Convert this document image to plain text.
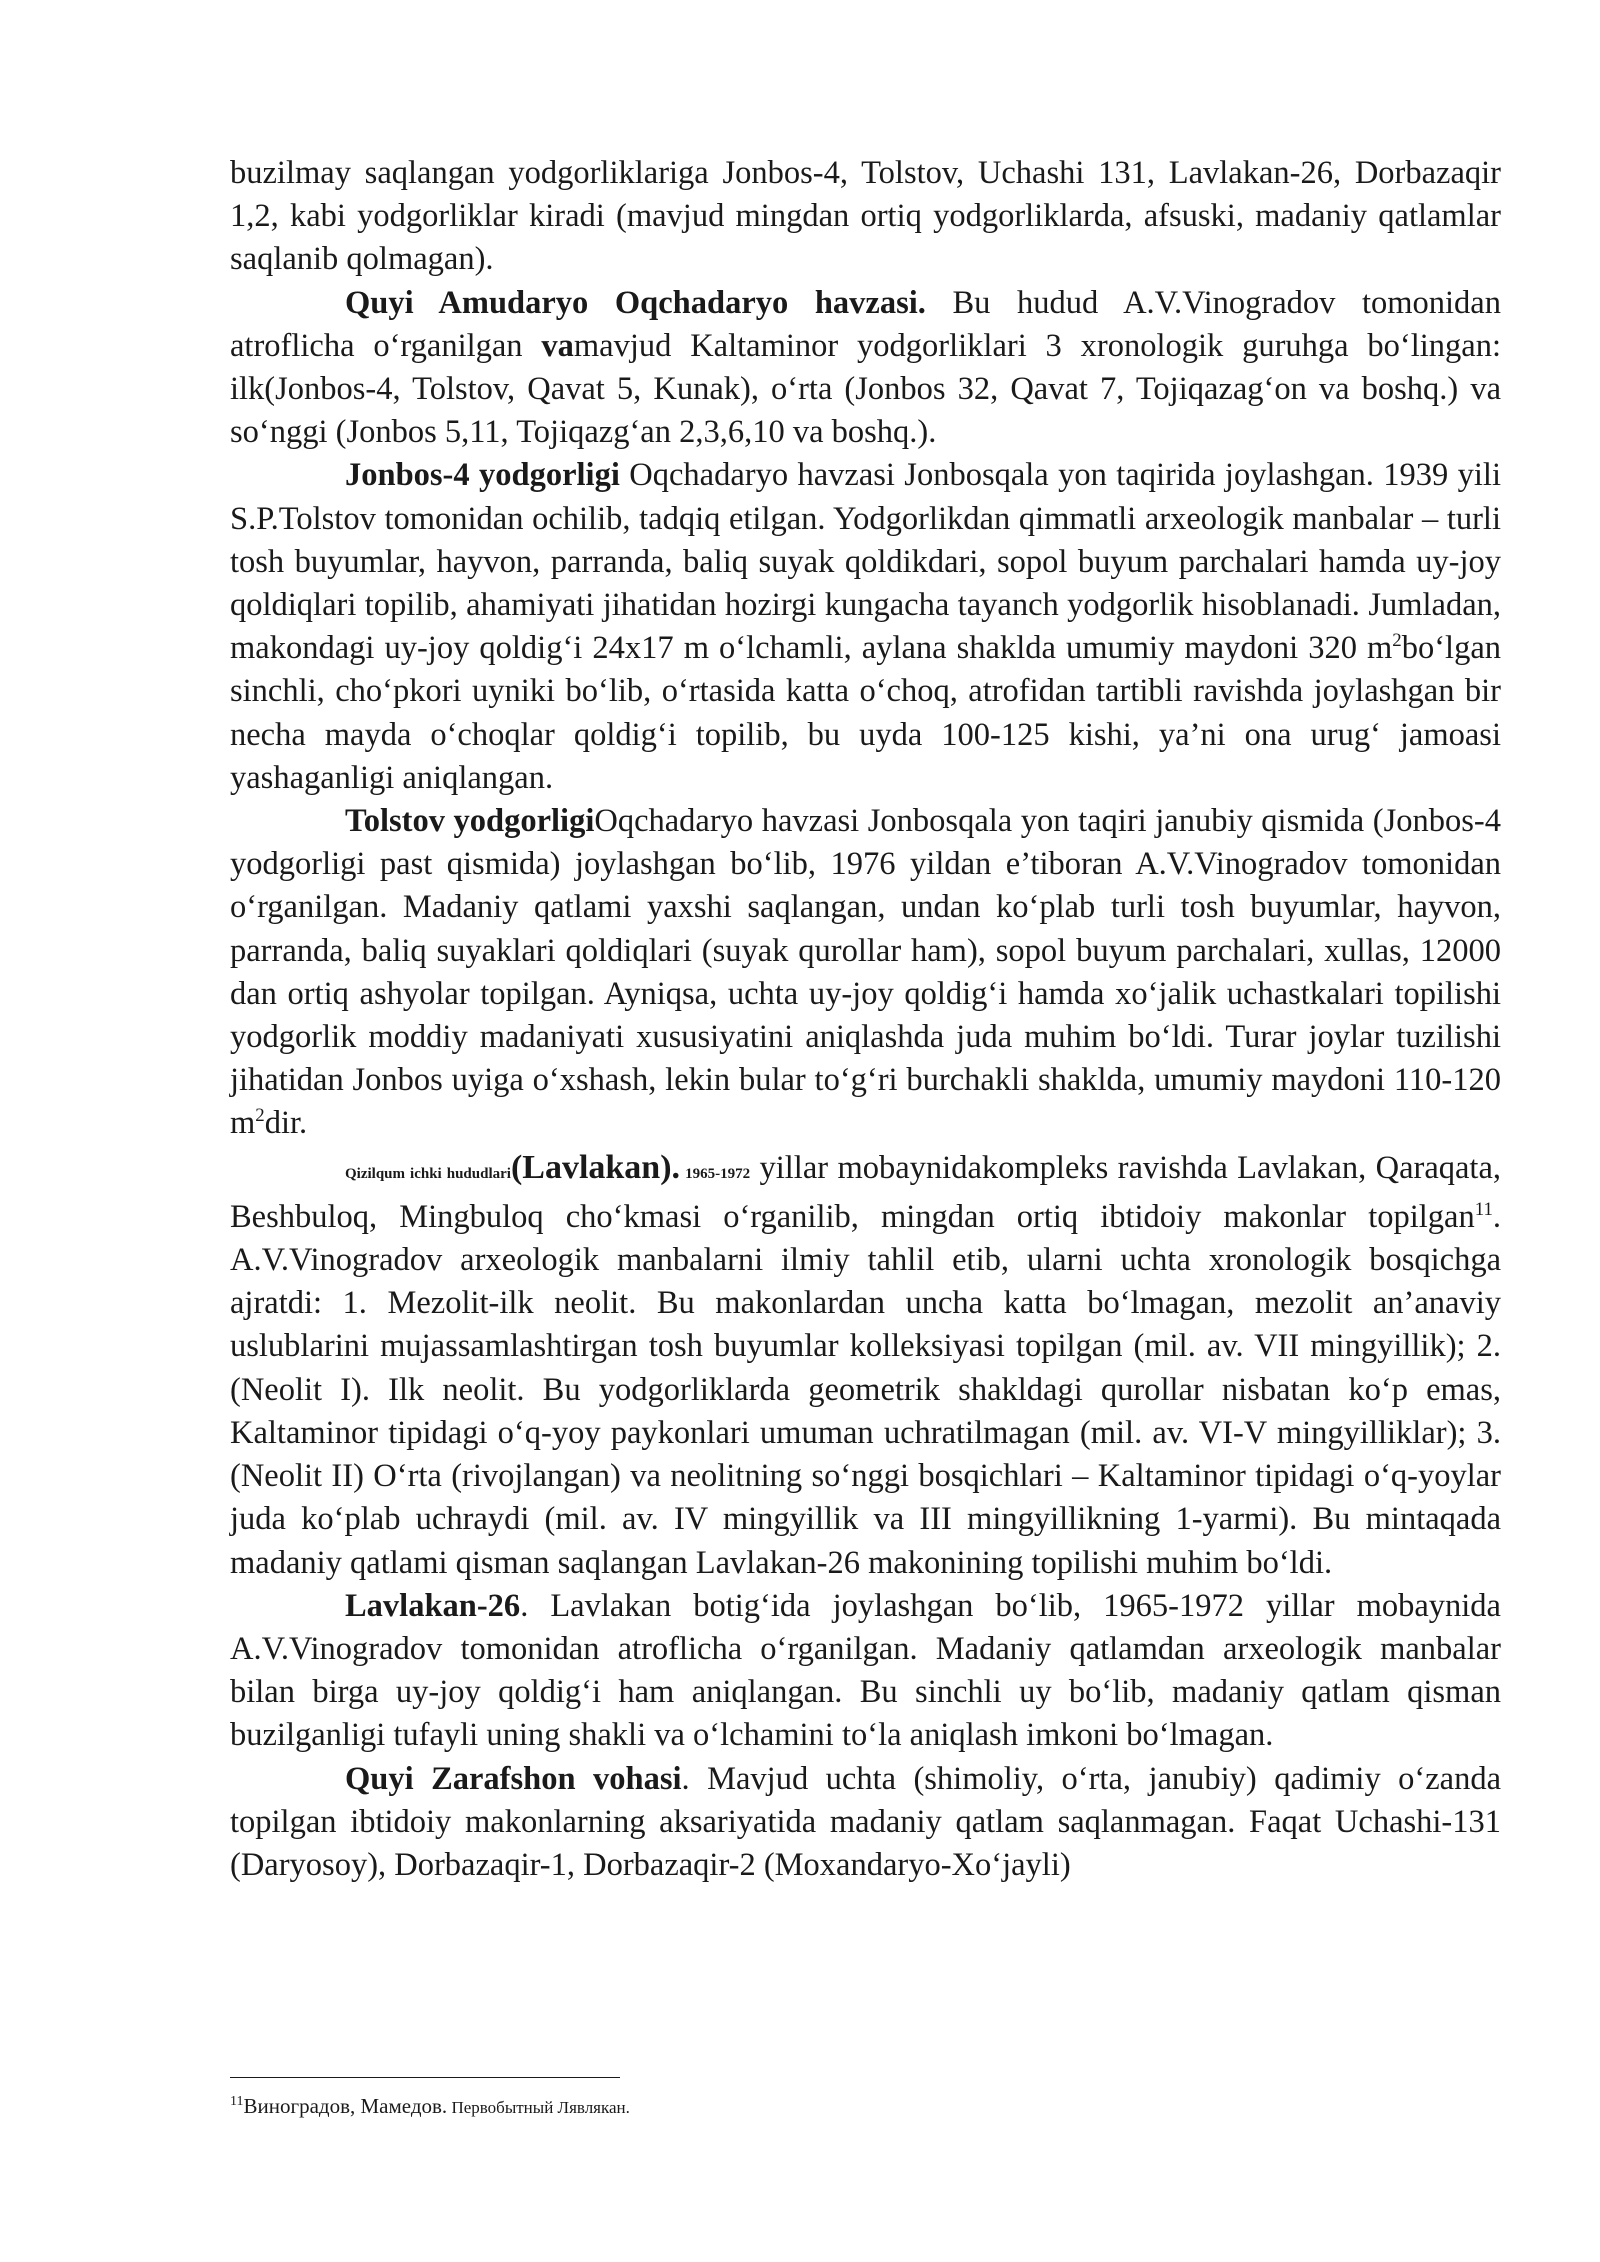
buzilmay saqlangan yodgorliklariga Jonbos-4, Tolstov, Uchashi 131, Lavlakan-26, Dorbazaqir 1,2, kabi yodgorliklar kiradi (mavjud mingdan ortiq yodgorliklarda, afsuski, madaniy qatlamlar saqlanib qolmagan).

Quyi Amudaryo Oqchadaryo havzasi. Bu hudud A.V.Vinogradov tomonidan atroflicha o‘rganilgan vamavjud Kaltaminor yodgorliklari 3 xronologik guruhga bo‘lingan: ilk(Jonbos-4, Tolstov, Qavat 5, Kunak), o‘rta (Jonbos 32, Qavat 7, Tojiqazag‘on va boshq.) va so‘nggi (Jonbos 5,11, Tojiqazg‘an 2,3,6,10 va boshq.).

Jonbos-4 yodgorligi Oqchadaryo havzasi Jonbosqala yon taqirida joylashgan. 1939 yili S.P.Tolstov tomonidan ochilib, tadqiq etilgan. Yodgorlikdan qimmatli arxeologik manbalar – turli tosh buyumlar, hayvon, parranda, baliq suyak qoldikdari, sopol buyum parchalari hamda uy-joy qoldiqlari topilib, ahamiyati jihatidan hozirgi kungacha tayanch yodgorlik hisoblanadi. Jumladan, makondagi uy-joy qoldig‘i 24x17 m o‘lchamli, aylana shaklda umumiy maydoni 320 $m^2bo‘lgan$ sinchli, cho‘pkori uyniki bo‘lib, o‘rtasida katta o‘choq, atrofidan tartibli ravishda joylashgan bir necha mayda o‘choqlar qoldig‘i topilib, bu uyda 100-125 kishi, ya’ni ona urug‘ jamoasi yashaganligi aniqlangan.

Tolstov yodgorligiOqchadaryo havzasi Jonbosqala yon taqiri janubiy qismida (Jonbos-4 yodgorligi past qismida) joylashgan bo‘lib, 1976 yildan e’tiboran A.V.Vinogradov tomonidan o‘rganilgan. Madaniy qatlami yaxshi saqlangan, undan ko‘plab turli tosh buyumlar, hayvon, parranda, baliq suyaklari qoldiqlari (suyak qurollar ham), sopol buyum parchalari, xullas, 12000 dan ortiq ashyolar topilgan. Ayniqsa, uchta uy-joy qoldig‘i hamda xo‘jalik uchastkalari topilishi yodgorlik moddiy madaniyati xususiyatini aniqlashda juda muhim bo‘ldi. Turar joylar tuzilishi jihatidan Jonbos uyiga o‘xshash, lekin bular to‘g‘ri burchakli shaklda, umumiy maydoni 110-120 $m^2dir$.

Qizilqum ichki hududlari(Lavlakan). 1965-1972 yillar mobaynidakompleks ravishda Lavlakan, Qaraqata, Beshbuloq, Mingbuloq cho‘kmasi o‘rganilib, mingdan ortiq ibtidoiy makonlar topilgan$^{11}$. A.V.Vinogradov arxeologik manbalarni ilmiy tahlil etib, ularni uchta xronologik bosqichga ajratdi: 1. Mezolit-ilk neolit. Bu makonlardan uncha katta bo‘lmagan, mezolit an’anaviy uslublarini mujassamlashtirgan tosh buyumlar kolleksiyasi topilgan (mil. av. VII mingyillik); 2. (Neolit I). Ilk neolit. Bu yodgorliklarda geometrik shakldagi qurollar nisbatan ko‘p emas, Kaltaminor tipidagi o‘q-yoy paykonlari umuman uchratilmagan (mil. av. VI-V mingyilliklar); 3. (Neolit II) O‘rta (rivojlangan) va neolitning so‘nggi bosqichlari – Kaltaminor tipidagi o‘q-yoylar juda ko‘plab uchraydi (mil. av. IV mingyillik va III mingyillikning 1-yarmi). Bu mintaqada madaniy qatlami qisman saqlangan Lavlakan-26 makonining topilishi muhim bo‘ldi.

Lavlakan-26. Lavlakan botig‘ida joylashgan bo‘lib, 1965-1972 yillar mobaynida A.V.Vinogradov tomonidan atroflicha o‘rganilgan. Madaniy qatlamdan arxeologik manbalar bilan birga uy-joy qoldig‘i ham aniqlangan. Bu sinchli uy bo‘lib, madaniy qatlam qisman buzilganligi tufayli uning shakli va o‘lchamini to‘la aniqlash imkoni bo‘lmagan.

Quyi Zarafshon vohasi. Mavjud uchta (shimoliy, o‘rta, janubiy) qadimiy o‘zanda topilgan ibtidoiy makonlarning aksariyatida madaniy qatlam saqlanmagan. Faqat Uchashi-131 (Daryosoy), Dorbazaqir-1, Dorbazaqir-2 (Moxandaryo-Xo‘jayli)

$^{11}$Виноградов, Мамедов. Первобытный Лявлякан.
